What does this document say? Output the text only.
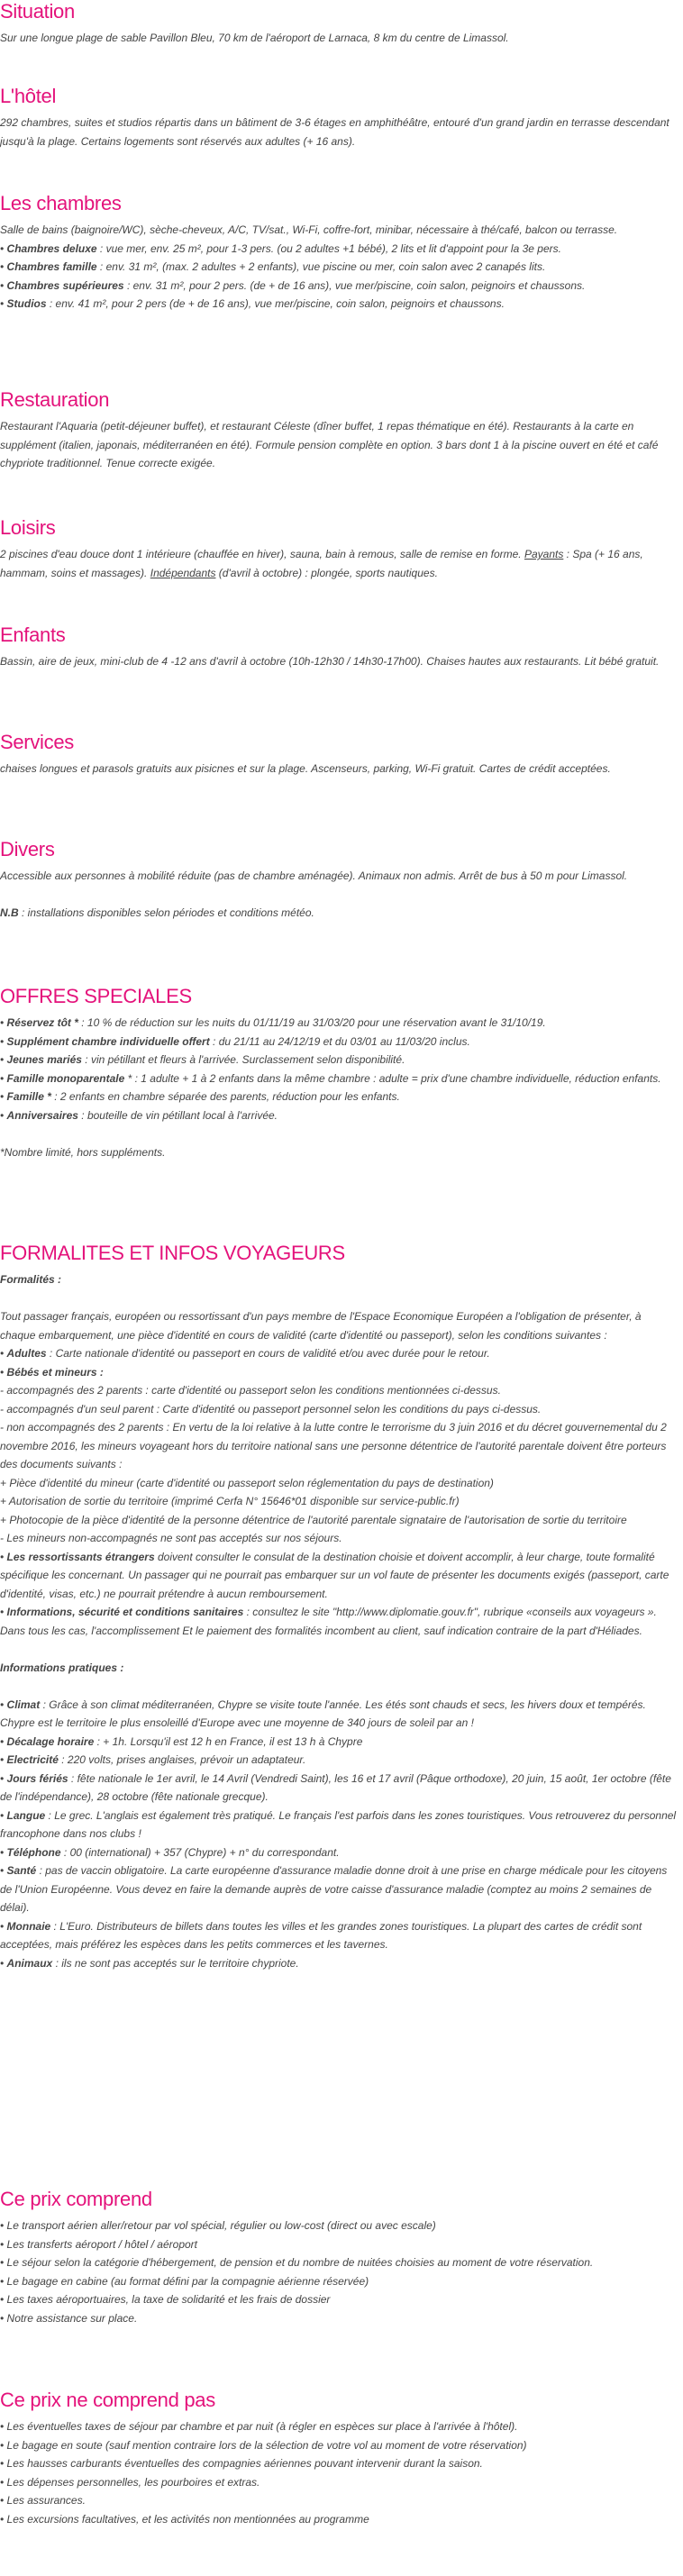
Situation

Sur une longue plage de sable Pavillon Bleu, 70 km de l'aéroport de Larnaca, 8 km du centre de Limassol.

L'hôtel

292 chambres, suites et studios répartis dans un bâtiment de 3-6 étages en amphithéâtre, entouré d'un grand jardin en terrasse descendant jusqu'à la plage. Certains logements sont réservés aux adultes (+ 16 ans).

Les chambres

Salle de bains (baignoire/WC), sèche-cheveux, A/C, TV/sat., Wi-Fi, coffre-fort, minibar, nécessaire à thé/café, balcon ou terrasse.

• Chambres deluxe : vue mer, env. 25 m², pour 1-3 pers. (ou 2 adultes +1 bébé), 2 lits et lit d'appoint pour la 3e pers.

• Chambres famille : env. 31 m², (max. 2 adultes + 2 enfants), vue piscine ou mer, coin salon avec 2 canapés lits.

• Chambres supérieures : env. 31 m², pour 2 pers. (de + de 16 ans), vue mer/piscine, coin salon, peignoirs et chaussons.

• Studios : env. 41 m², pour 2 pers (de + de 16 ans), vue mer/piscine, coin salon, peignoirs et chaussons.

Restauration

Restaurant l'Aquaria (petit-déjeuner buffet), et restaurant Céleste (dîner buffet, 1 repas thématique en été). Restaurants à la carte en supplément (italien, japonais, méditerranéen en été). Formule pension complète en option. 3 bars dont 1 à la piscine ouvert en été et café chypriote traditionnel. Tenue correcte exigée.

Loisirs

2 piscines d'eau douce dont 1 intérieure (chauffée en hiver), sauna, bain à remous, salle de remise en forme. Payants : Spa (+ 16 ans, hammam, soins et massages). Indépendants (d'avril à octobre) : plongée, sports nautiques.

Enfants

Bassin, aire de jeux, mini-club de 4 -12 ans d'avril à octobre (10h-12h30 / 14h30-17h00). Chaises hautes aux restaurants. Lit bébé gratuit.

Services

chaises longues et parasols gratuits aux pisicnes et sur la plage. Ascenseurs, parking, Wi-Fi gratuit. Cartes de crédit acceptées.

Divers

Accessible aux personnes à mobilité réduite (pas de chambre aménagée). Animaux non admis. Arrêt de bus à 50 m pour Limassol.

N.B : installations disponibles selon périodes et conditions météo.

OFFRES SPECIALES

• Réservez tôt * : 10 % de réduction sur les nuits du 01/11/19 au 31/03/20 pour une réservation avant le 31/10/19.

• Supplément chambre individuelle offert : du 21/11 au 24/12/19 et du 03/01 au 11/03/20 inclus.

• Jeunes mariés : vin pétillant et fleurs à l'arrivée. Surclassement selon disponibilité.

• Famille monoparentale * : 1 adulte + 1 à 2 enfants dans la même chambre : adulte = prix d'une chambre individuelle, réduction enfants.

• Famille * : 2 enfants en chambre séparée des parents, réduction pour les enfants.

• Anniversaires : bouteille de vin pétillant local à l'arrivée.

*Nombre limité, hors suppléments.

FORMALITES ET INFOS VOYAGEURS

Formalités :

Tout passager français, européen ou ressortissant d'un pays membre de l'Espace Economique Européen a l'obligation de présenter, à chaque embarquement, une pièce d'identité en cours de validité (carte d'identité ou passeport), selon les conditions suivantes :

• Adultes : Carte nationale d'identité ou passeport en cours de validité et/ou avec durée pour le retour.

• Bébés et mineurs :

- accompagnés des 2 parents : carte d'identité ou passeport selon les conditions mentionnées ci-dessus.

- accompagnés d'un seul parent : Carte d'identité ou passeport personnel selon les conditions du pays ci-dessus.

- non accompagnés des 2 parents : En vertu de la loi relative à la lutte contre le terrorisme du 3 juin 2016 et du décret gouvernemental du 2 novembre 2016, les mineurs voyageant hors du territoire national sans une personne détentrice de l'autorité parentale doivent être porteurs des documents suivants :

+ Pièce d'identité du mineur (carte d'identité ou passeport selon réglementation du pays de destination)

+ Autorisation de sortie du territoire (imprimé Cerfa N° 15646*01 disponible sur service-public.fr)

+ Photocopie de la pièce d'identité de la personne détentrice de l'autorité parentale signataire de l'autorisation de sortie du territoire

- Les mineurs non-accompagnés ne sont pas acceptés sur nos séjours.

• Les ressortissants étrangers doivent consulter le consulat de la destination choisie et doivent accomplir, à leur charge, toute formalité spécifique les concernant. Un passager qui ne pourrait pas embarquer sur un vol faute de présenter les documents exigés (passeport, carte d'identité, visas, etc.) ne pourrait prétendre à aucun remboursement.

• Informations, sécurité et conditions sanitaires : consultez le site "http://www.diplomatie.gouv.fr", rubrique «conseils aux voyageurs ». Dans tous les cas, l'accomplissement Et le paiement des formalités incombent au client, sauf indication contraire de la part d'Héliades.

Informations pratiques :

• Climat : Grâce à son climat méditerranéen, Chypre se visite toute l'année. Les étés sont chauds et secs, les hivers doux et tempérés. Chypre est le territoire le plus ensoleillé d'Europe avec une moyenne de 340 jours de soleil par an !

• Décalage horaire : + 1h. Lorsqu'il est 12 h en France, il est 13 h à Chypre

• Electricité : 220 volts, prises anglaises, prévoir un adaptateur.

• Jours fériés : fête nationale le 1er avril, le 14 Avril (Vendredi Saint), les 16 et 17 avril (Pâque orthodoxe), 20 juin, 15 août, 1er octobre (fête de l'indépendance), 28 octobre (fête nationale grecque).

• Langue : Le grec. L'anglais est également très pratiqué. Le français l'est parfois dans les zones touristiques. Vous retrouverez du personnel francophone dans nos clubs !

• Téléphone : 00 (international) + 357 (Chypre) + n° du correspondant.

• Santé : pas de vaccin obligatoire. La carte européenne d'assurance maladie donne droit à une prise en charge médicale pour les citoyens de l'Union Européenne. Vous devez en faire la demande auprès de votre caisse d'assurance maladie (comptez au moins 2 semaines de délai).

• Monnaie : L'Euro. Distributeurs de billets dans toutes les villes et les grandes zones touristiques. La plupart des cartes de crédit sont acceptées, mais préférez les espèces dans les petits commerces et les tavernes.

• Animaux : ils ne sont pas acceptés sur le territoire chypriote.

Ce prix comprend

• Le transport aérien aller/retour par vol spécial, régulier ou low-cost (direct ou avec escale)

• Les transferts aéroport / hôtel / aéroport

• Le séjour selon la catégorie d'hébergement, de pension et du nombre de nuitées choisies au moment de votre réservation.

• Le bagage en cabine (au format défini par la compagnie aérienne réservée)

• Les taxes aéroportuaires, la taxe de solidarité et les frais de dossier

• Notre assistance sur place.

Ce prix ne comprend pas

• Les éventuelles taxes de séjour par chambre et par nuit (à régler en espèces sur place à l'arrivée à l'hôtel).

• Le bagage en soute (sauf mention contraire lors de la sélection de votre vol au moment de votre réservation)

• Les hausses carburants éventuelles des compagnies aériennes pouvant intervenir durant la saison.

• Les dépenses personnelles, les pourboires et extras.

• Les assurances.

• Les excursions facultatives, et les activités non mentionnées au programme
